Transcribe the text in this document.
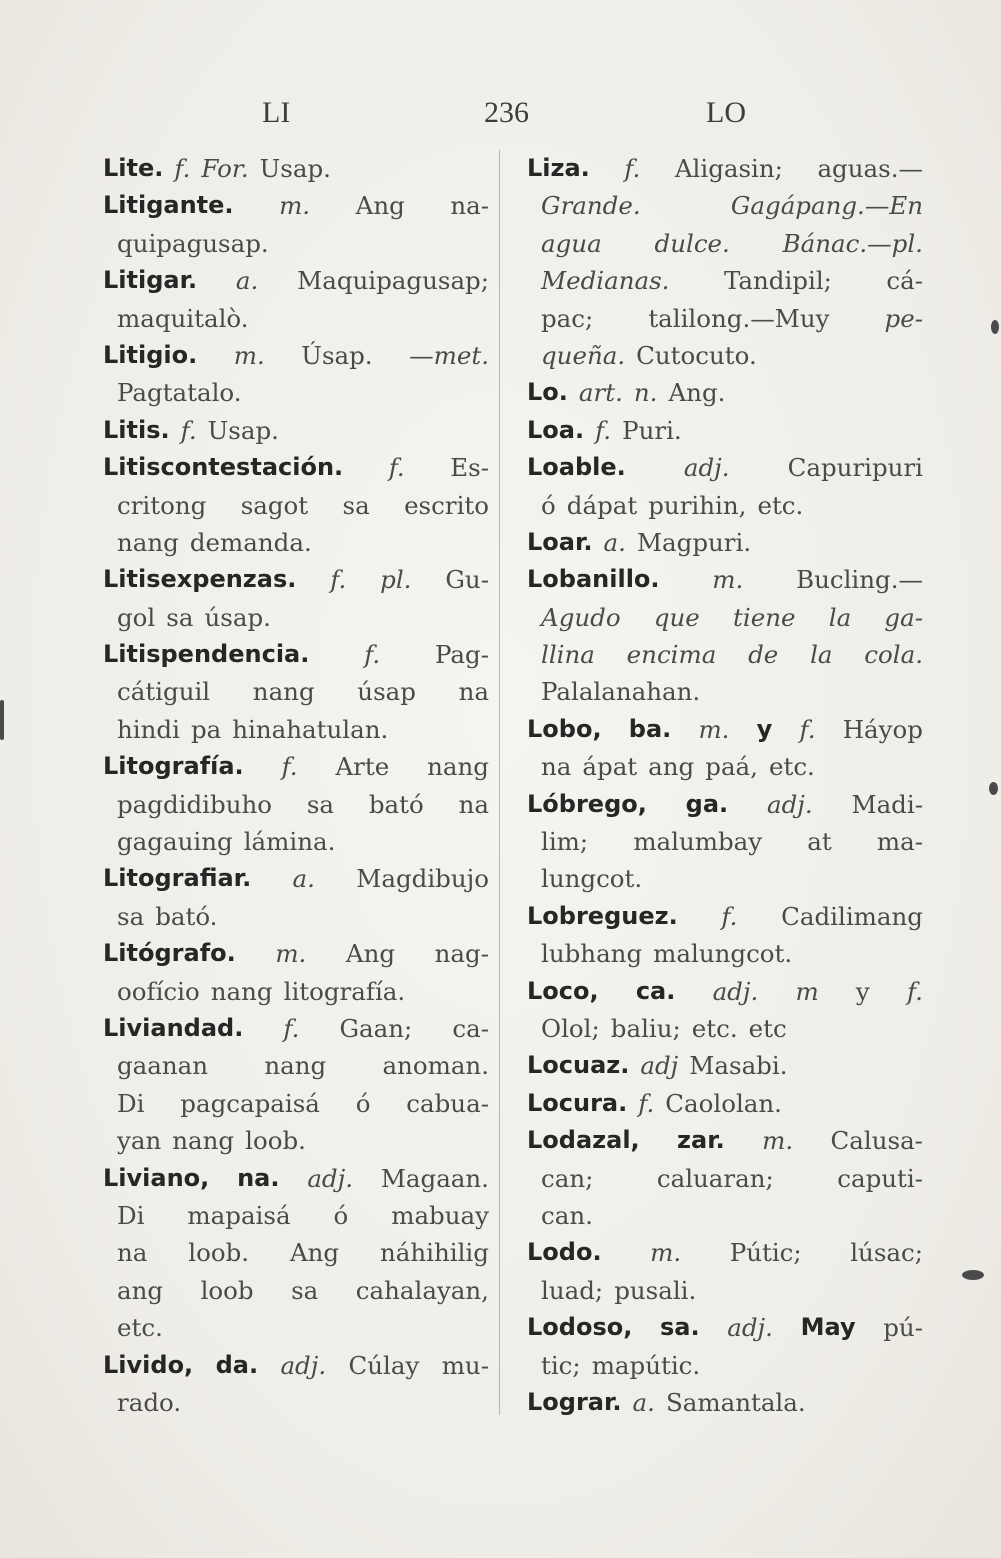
LI	236	LO
Lite. f. For. Usap.
Litigante. m. Ang na-
quipagusap.
Litigar. a. Maquipagusap;
maquitalò.
Litigio. m. Úsap. —met.
Pagtatalo.
Litis. f. Usap.
Litiscontestación. f. Es-
critong sagot sa escrito
nang demanda.
Litisexpenzas. f. pl. Gu-
gol sa úsap.
Litispendencia. f. Pag-
cátiguil nang úsap na
hindi pa hinahatulan.
Litografía. f. Arte nang
pagdidibuho sa bató na
gagauing lámina.
Litografiar. a. Magdibujo
sa bató.
Litógrafo. m. Ang nag-
oofício nang litografía.
Liviandad. f. Gaan; ca-
gaanan nang anoman.
Di pagcapaisá ó cabua-
yan nang loob.
Liviano, na. adj. Magaan.
Di mapaisá ó mabuay
na loob. Ang náhihilig
ang loob sa cahalayan,
etc.
Livido, da. adj. Cúlay mu-
rado.
Liza. f. Aligasin; aguas.—
Grande.	Gagápang.—En
agua dulce. Bánac.—pl.
Medianas. Tandipil; cá-
pac; talilong.—Muy pe-
queña. Cutocuto.
Lo. art. n. Ang.
Loa. f. Puri.
Loable. adj. Capuripuri
ó dápat purihin, etc.
Loar. a. Magpuri.
Lobanillo. m. Bucling.—
Agudo que tiene la ga-
llina encima de la cola.
Palalanahan.
Lobo, ba. m. y f. Háyop
na ápat ang paá, etc.
Lóbrego, ga. adj. Madi-
lim; malumbay at ma-
lungcot.
Lobreguez. f. Cadilimang
lubhang malungcot.
Loco, ca. adj. m y f.
Olol; baliu; etc. etc
Locuaz. adj Masabi.
Locura. f. Caololan.
Lodazal, zar. m. Calusa-
can;	caluaran;	caputi-
can.
Lodo. m. Pútic; lúsac;
luad; pusali.
Lodoso, sa. adj. May pú-
tic; mapútic.
Lograr. a. Samantala.
